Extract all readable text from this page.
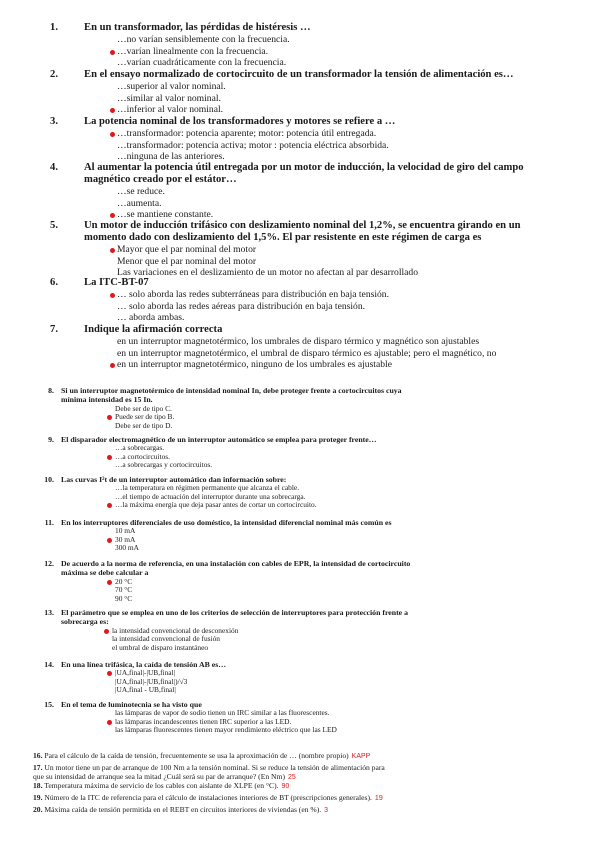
1. En un transformador, las pérdidas de histéresis …
…no varían sensiblemente con la frecuencia.
…varían linealmente con la frecuencia.
…varían cuadráticamente con la frecuencia.
2. En el ensayo normalizado de cortocircuito de un transformador la tensión de alimentación es…
…superior al valor nominal.
…similar al valor nominal.
…inferior al valor nominal.
3. La potencia nominal de los transformadores y motores se refiere a …
…transformador: potencia aparente; motor: potencia útil entregada.
…transformador: potencia activa; motor : potencia eléctrica absorbida.
…ninguna de las anteriores.
4. Al aumentar la potencia útil entregada por un motor de inducción, la velocidad de giro del campo
magnético creado por el estátor…
…se reduce.
…aumenta.
…se mantiene constante.
5. Un motor de inducción trifásico con deslizamiento nominal del 1,2%, se encuentra girando en un
momento dado con deslizamiento del 1,5%. El par resistente en este régimen de carga es
Mayor que el par nominal del motor
Menor que el par nominal del motor
Las variaciones en el deslizamiento de un motor no afectan al par desarrollado
6. La ITC-BT-07
… solo aborda las redes subterráneas para distribución en baja tensión.
… solo aborda las redes aéreas para distribución en baja tensión.
… aborda ambas.
7. Indique la afirmación correcta
en un interruptor magnetotérmico, los umbrales de disparo térmico y magnético son ajustables
en un interruptor magnetotérmico, el umbral de disparo térmico es ajustable; pero el magnético, no
en un interruptor magnetotérmico, ninguno de los umbrales es ajustable
8. Si un interruptor magnetotérmico de intensidad nominal In, debe proteger frente a cortocircuitos cuya
mínima intensidad es 15 In.
Debe ser de tipo C.
Puede ser de tipo B.
Debe ser de tipo D.
9. El disparador electromagnético de un interruptor automático se emplea para proteger frente…
…a sobrecargas.
…a cortocircuitos.
…a sobrecargas y cortocircuitos.
10. Las curvas I²t de un interruptor automático dan información sobre:
…la temperatura en régimen permanente que alcanza el cable.
…el tiempo de actuación del interruptor durante una sobrecarga.
…la máxima energía que deja pasar antes de cortar un cortocircuito.
11. En los interruptores diferenciales de uso doméstico, la intensidad diferencial nominal más común es
10 mA
30 mA
300 mA
12. De acuerdo a la norma de referencia, en una instalación con cables de EPR, la intensidad de cortocircuito
máxima se debe calcular a
20 °C
70 °C
90 °C
13. El parámetro que se emplea en uno de los criterios de selección de interruptores para protección frente a
sobrecarga es:
la intensidad convencional de desconexión
la intensidad convencional de fusión
el umbral de disparo instantáneo
14. En una línea trifásica, la caída de tensión AB es…
|UA,final|-|UB,final|
|UA,final|-|UB,final|)/√3
|UA,final - UB,final|
15. En el tema de luminotecnia se ha visto que
las lámparas de vapor de sodio tienen un IRC similar a las fluorescentes.
las lámparas incandescentes tienen IRC superior a las LED.
las lámparas fluorescentes tienen mayor rendimiento eléctrico que las LED
16. Para el cálculo de la caída de tensión, frecuentemente se usa la aproximación de … (nombre propio) KAPP
17. Un motor tiene un par de arranque de 100 Nm a la tensión nominal. Si se reduce la tensión de alimentación para
que su intensidad de arranque sea la mitad ¿Cuál será su par de arranque? (En Nm) 25
18. Temperatura máxima de servicio de los cables con aislante de XLPE (en °C). 90
19. Número de la ITC de referencia para el cálculo de instalaciones interiores de BT (prescripciones generales). 19
20. Máxima caída de tensión permitida en el REBT en circuitos interiores de viviendas (en %). 3
